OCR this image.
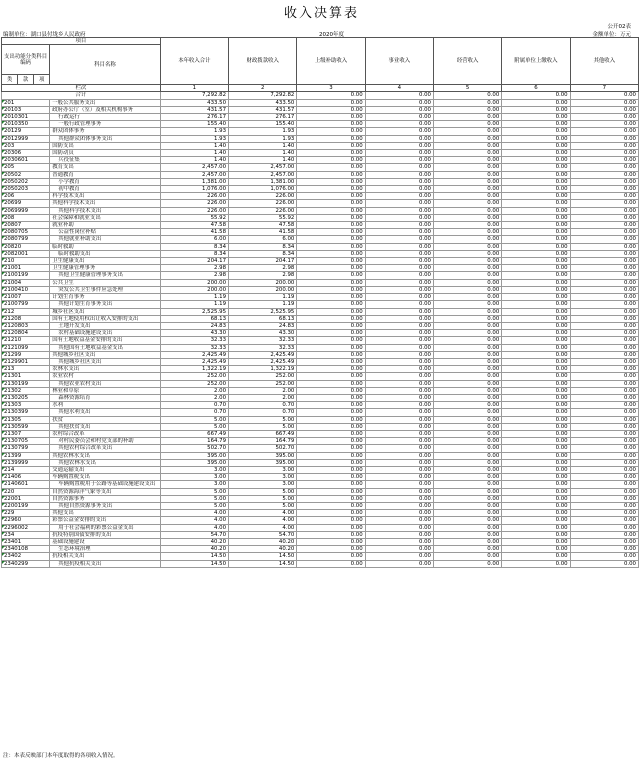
收入决算表
公开02表
编制单位：湖口县付垅乡人民政府	2020年度	金额单位：万元
项目				本年收入合计	财政拨款收入	上级补助收入	事业收入	经营收入	附属单位上缴收入	其他收入
支出功能分类科目编码			科目名称							
类	款	项								
栏次				1	2	3	4	5	6	7
合计				7,292.82	7,292.82	0.00	0.00	0.00	0.00	0.00
201			一般公共服务支出	433.50	433.50	0.00	0.00	0.00	0.00	0.00
20103			政府办公厅（室）及相关机构事务	431.57	431.57	0.00	0.00	0.00	0.00	0.00
2010301			行政运行	276.17	276.17	0.00	0.00	0.00	0.00	0.00
2010350			一般行政管理事务	155.40	155.40	0.00	0.00	0.00	0.00	0.00
20129			群众团体事务	1.93	1.93	0.00	0.00	0.00	0.00	0.00
2012999			其他群众团体事务支出	1.93	1.93	0.00	0.00	0.00	0.00	0.00
203			国防支出	1.40	1.40	0.00	0.00	0.00	0.00	0.00
20306			国防动员	1.40	1.40	0.00	0.00	0.00	0.00	0.00
2030601			兵役征集	1.40	1.40	0.00	0.00	0.00	0.00	0.00
205			教育支出	2,457.00	2,457.00	0.00	0.00	0.00	0.00	0.00
20502			普通教育	2,457.00	2,457.00	0.00	0.00	0.00	0.00	0.00
2050202			小学教育	1,381.00	1,381.00	0.00	0.00	0.00	0.00	0.00
2050203			初中教育	1,076.00	1,076.00	0.00	0.00	0.00	0.00	0.00
206			科学技术支出	226.00	226.00	0.00	0.00	0.00	0.00	0.00
20699			其他科学技术支出	226.00	226.00	0.00	0.00	0.00	0.00	0.00
2069999			其他科学技术支出	226.00	226.00	0.00	0.00	0.00	0.00	0.00
208			社会保障和就业支出	55.92	55.92	0.00	0.00	0.00	0.00	0.00
20807			就业补助	47.58	47.58	0.00	0.00	0.00	0.00	0.00
2080705			公益性岗位补贴	41.58	41.58	0.00	0.00	0.00	0.00	0.00
2080799			其他就业补助支出	6.00	6.00	0.00	0.00	0.00	0.00	0.00
20820			临时救助	8.34	8.34	0.00	0.00	0.00	0.00	0.00
2082001			临时救助支出	8.34	8.34	0.00	0.00	0.00	0.00	0.00
210			卫生健康支出	204.17	204.17	0.00	0.00	0.00	0.00	0.00
21001			卫生健康管理事务	2.98	2.98	0.00	0.00	0.00	0.00	0.00
2100199			其他卫生健康管理事务支出	2.98	2.98	0.00	0.00	0.00	0.00	0.00
21004			公共卫生	200.00	200.00	0.00	0.00	0.00	0.00	0.00
2100410			突发公共卫生事件应急处理	200.00	200.00	0.00	0.00	0.00	0.00	0.00
21007			计划生育事务	1.19	1.19	0.00	0.00	0.00	0.00	0.00
2100799			其他计划生育事务支出	1.19	1.19	0.00	0.00	0.00	0.00	0.00
212			城乡社区支出	2,525.95	2,525.95	0.00	0.00	0.00	0.00	0.00
21208			国有土地使用权出让收入安排的支出	68.13	68.13	0.00	0.00	0.00	0.00	0.00
2120803			土地开发支出	24.83	24.83	0.00	0.00	0.00	0.00	0.00
2120804			农村基础设施建设支出	43.30	43.30	0.00	0.00	0.00	0.00	0.00
21210			国有土地收益基金安排的支出	32.33	32.33	0.00	0.00	0.00	0.00	0.00
2121099			其他国有土地收益基金支出	32.33	32.33	0.00	0.00	0.00	0.00	0.00
21299			其他城乡社区支出	2,425.49	2,425.49	0.00	0.00	0.00	0.00	0.00
2129901			其他城乡社区支出	2,425.49	2,425.49	0.00	0.00	0.00	0.00	0.00
213			农林水支出	1,322.19	1,322.19	0.00	0.00	0.00	0.00	0.00
21301			农业农村	252.00	252.00	0.00	0.00	0.00	0.00	0.00
2130199			其他农业农村支出	252.00	252.00	0.00	0.00	0.00	0.00	0.00
21302			林业和草原	2.00	2.00	0.00	0.00	0.00	0.00	0.00
2130205			森林资源培育	2.00	2.00	0.00	0.00	0.00	0.00	0.00
21303			水利	0.70	0.70	0.00	0.00	0.00	0.00	0.00
2130399			其他水利支出	0.70	0.70	0.00	0.00	0.00	0.00	0.00
21305			扶贫	5.00	5.00	0.00	0.00	0.00	0.00	0.00
2130599			其他扶贫支出	5.00	5.00	0.00	0.00	0.00	0.00	0.00
21307			农村综合改革	667.49	667.49	0.00	0.00	0.00	0.00	0.00
2130705			对村民委员会和村党支部的补助	164.79	164.79	0.00	0.00	0.00	0.00	0.00
2130799			其他农村综合改革支出	502.70	502.70	0.00	0.00	0.00	0.00	0.00
21399			其他农林水支出	395.00	395.00	0.00	0.00	0.00	0.00	0.00
2139999			其他农林水支出	395.00	395.00	0.00	0.00	0.00	0.00	0.00
214			交通运输支出	3.00	3.00	0.00	0.00	0.00	0.00	0.00
21406			车辆购置税支出	3.00	3.00	0.00	0.00	0.00	0.00	0.00
2140601			车辆购置税用于公路等基础设施建设支出	3.00	3.00	0.00	0.00	0.00	0.00	0.00
220			自然资源海洋气象等支出	5.00	5.00	0.00	0.00	0.00	0.00	0.00
22001			自然资源事务	5.00	5.00	0.00	0.00	0.00	0.00	0.00
2200199			其他自然资源事务支出	5.00	5.00	0.00	0.00	0.00	0.00	0.00
229			其他支出	4.00	4.00	0.00	0.00	0.00	0.00	0.00
22960			彩票公益金安排的支出	4.00	4.00	0.00	0.00	0.00	0.00	0.00
2296002			用于社会福利的彩票公益金支出	4.00	4.00	0.00	0.00	0.00	0.00	0.00
234			抗疫特别国债安排的支出	54.70	54.70	0.00	0.00	0.00	0.00	0.00
23401			基础设施建设	40.20	40.20	0.00	0.00	0.00	0.00	0.00
2340108			生态环境治理	40.20	40.20	0.00	0.00	0.00	0.00	0.00
23402			抗疫相关支出	14.50	14.50	0.00	0.00	0.00	0.00	0.00
2340299			其他抗疫相关支出	14.50	14.50	0.00	0.00	0.00	0.00	0.00
注：本表反映部门本年度取得的各项收入情况。
